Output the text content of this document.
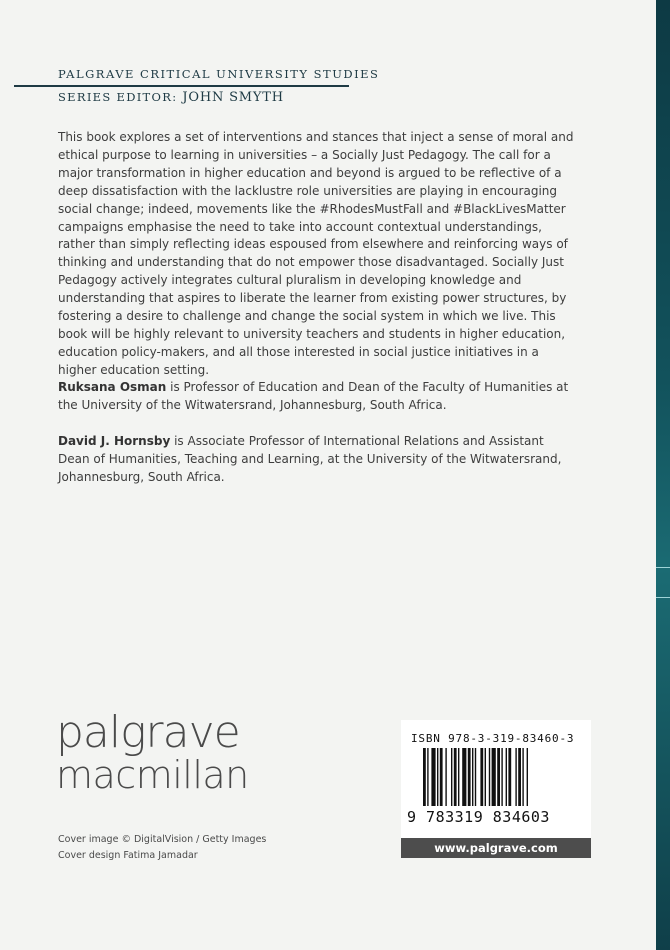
PALGRAVE CRITICAL UNIVERSITY STUDIES
SERIES EDITOR: JOHN SMYTH

This book explores a set of interventions and stances that inject a sense of moral and ethical purpose to learning in universities – a Socially Just Pedagogy. The call for a major transformation in higher education and beyond is argued to be reflective of a deep dissatisfaction with the lacklustre role universities are playing in encouraging social change; indeed, movements like the #RhodesMustFall and #BlackLivesMatter campaigns emphasise the need to take into account contextual understandings, rather than simply reflecting ideas espoused from elsewhere and reinforcing ways of thinking and understanding that do not empower those disadvantaged. Socially Just Pedagogy actively integrates cultural pluralism in developing knowledge and understanding that aspires to liberate the learner from existing power structures, by fostering a desire to challenge and change the social system in which we live. This book will be highly relevant to university teachers and students in higher education, education policy-makers, and all those interested in social justice initiatives in a higher education setting.

Ruksana Osman is Professor of Education and Dean of the Faculty of Humanities at the University of the Witwatersrand, Johannesburg, South Africa.

David J. Hornsby is Associate Professor of International Relations and Assistant Dean of Humanities, Teaching and Learning, at the University of the Witwatersrand, Johannesburg, South Africa.

palgrave
macmillan
Cover image © DigitalVision / Getty Images
Cover design Fatima Jamadar
ISBN 978-3-319-83460-3
9 783319 834603
www.palgrave.com
